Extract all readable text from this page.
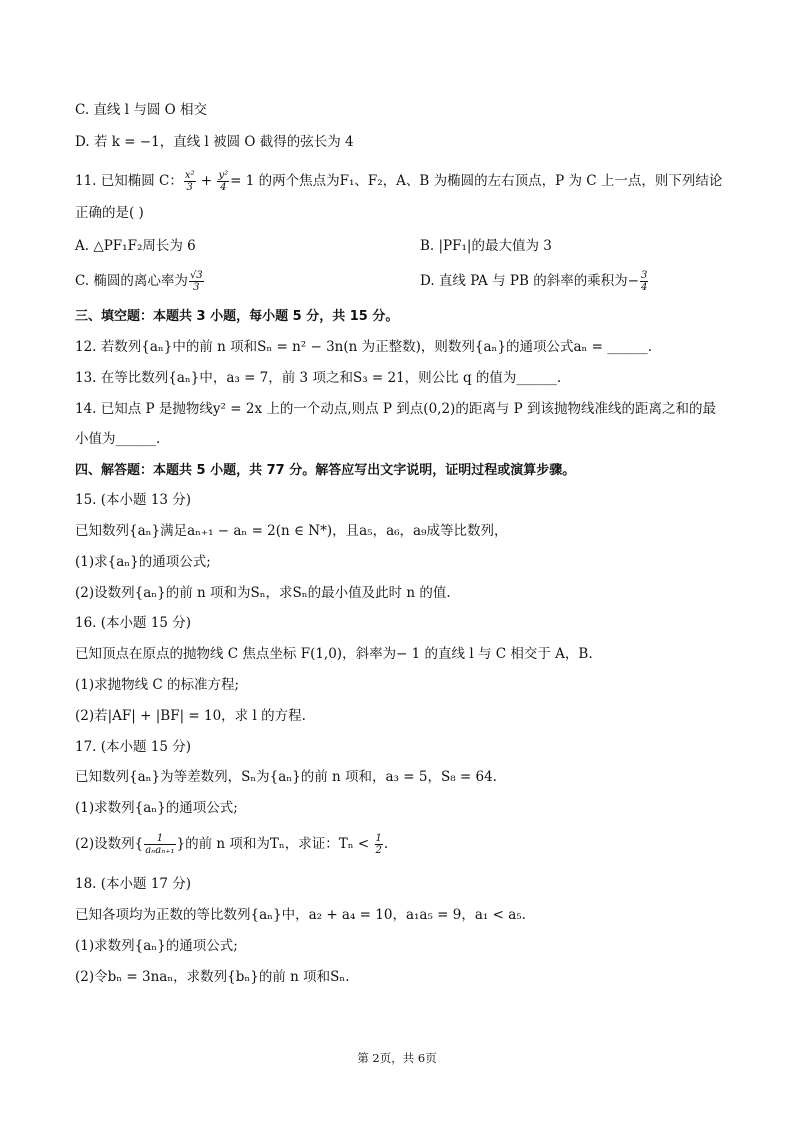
C. 直线 l 与圆 O 相交
D. 若 k = −1，直线 l 被圆 O 截得的弦长为 4
11. 已知椭圆 C： $\frac{\text{x²}}{3} + \frac{\text{y²}}{4} = 1$ 的两个焦点为F₁、F₂，A、B 为椭圆的左右顶点，P 为 C 上一点，则下列结论
正确的是( )
A. △PF₁F₂周长为 6	B. |PF₁|的最大值为 3
C. 椭圆的离心率为 $\frac{√3}{3}$	D. 直线 PA 与 PB 的斜率的乘积为− $\frac{3}{4}$
三、填空题：本题共 3 小题，每小题 5 分，共 15 分。
12. 若数列{aₙ}中的前 n 项和Sₙ = n² − 3n(n 为正整数)，则数列{aₙ}的通项公式aₙ = ______.
13. 在等比数列{aₙ}中，a₃ = 7，前 3 项之和S₃ = 21，则公比 q 的值为______.
14. 已知点 P 是抛物线y² = 2x 上的一个动点,则点 P 到点(0,2)的距离与 P 到该抛物线准线的距离之和的最
小值为______.
四、解答题：本题共 5 小题，共 77 分。解答应写出文字说明，证明过程或演算步骤。
15. (本小题 13 分)
已知数列{aₙ}满足aₙ₊₁ − aₙ = 2(n ∈ N*)，且a₅，a₆，a₉成等比数列，
(1)求{aₙ}的通项公式;
(2)设数列{aₙ}的前 n 项和为Sₙ，求Sₙ的最小值及此时 n 的值.
16. (本小题 15 分)
已知顶点在原点的抛物线 C 焦点坐标 F(1,0)，斜率为− 1 的直线 l 与 C 相交于 A，B.
(1)求抛物线 C 的标准方程;
(2)若|AF| + |BF| = 10，求 l 的方程.
17. (本小题 15 分)
已知数列{aₙ}为等差数列，Sₙ为{aₙ}的前 n 项和，a₃ = 5，S₈ = 64.
(1)求数列{aₙ}的通项公式;
(2)设数列{ $\frac{1}{\text{aₙaₙ₊₁}}$ }的前 n 项和为Tₙ，求证：$T_n < \frac{1}{2}$ .
18. (本小题 17 分)
已知各项均为正数的等比数列{aₙ}中，a₂ + a₄ = 10，a₁a₅ = 9，a₁ < a₅.
(1)求数列{aₙ}的通项公式;
(2)令bₙ = 3naₙ，求数列{bₙ}的前 n 项和Sₙ.
第 2页，共 6页
